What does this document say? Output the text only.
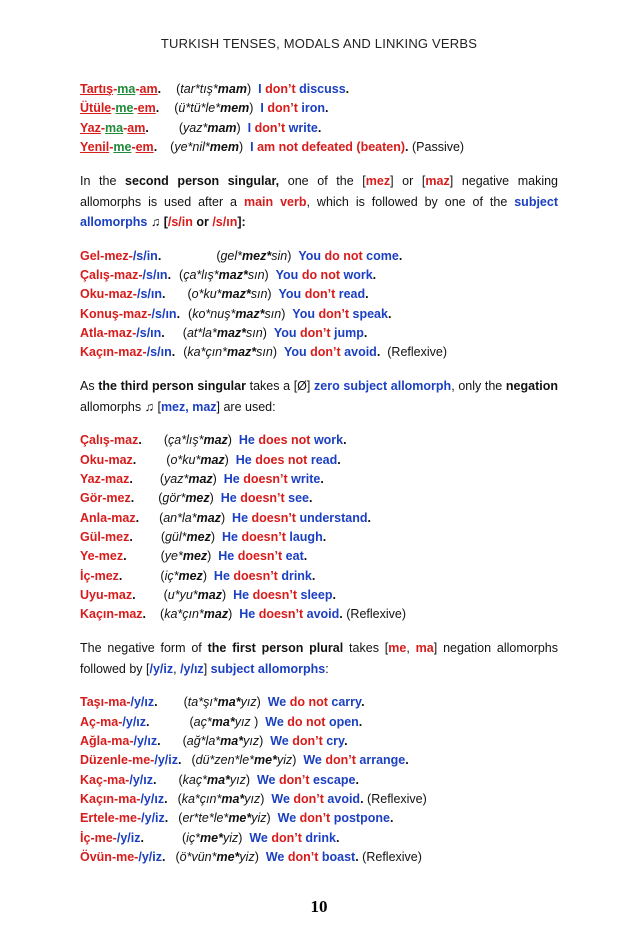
TURKISH TENSES, MODALS AND LINKING VERBS
Tartış-ma-am. (tar*tış*mam) I don’t discuss.
Ütüle-me-em. (ü*tü*le*mem) I don’t iron.
Yaz-ma-am. (yaz*mam) I don’t write.
Yenil-me-em. (ye*nil*mem) I am not defeated (beaten). (Passive)

In the second person singular, one of the [mez] or [maz] negative making allomorphs is used after a main verb, which is followed by one of the subject allomorphs ♫ [/s/in or /s/ın]:

Gel-mez-/s/in.	(gel*mez*sin)  You do not come.
Çalış-maz-/s/ın. (ça*lış*maz*sın)  You do not work.
Oku-maz-/s/ın. (o*ku*maz*sın)  You don’t read.
Konuş-maz-/s/ın. (ko*nuş*maz*sın)  You don’t speak.
Atla-maz-/s/ın. (at*la*maz*sın)  You don’t jump.
Kaçın-maz-/s/ın. (ka*çın*maz*sın)  You don’t avoid. (Reflexive)

As the third person singular takes a [Ø] zero subject allomorph, only the negation allomorphs ♫ [mez, maz] are used:

Çalış-maz. (ça*lış*maz)  He does not work.
Oku-maz. (o*ku*maz)  He does not read.
Yaz-maz. (yaz*maz)  He doesn’t write.
Gör-mez. (gör*mez)  He doesn’t see.
Anla-maz. (an*la*maz)  He doesn’t understand.
Gül-mez. (gül*mez)  He doesn’t laugh.
Ye-mez.	(ye*mez)  He doesn’t eat.
İç-mez.	(iç*mez)  He doesn’t drink.
Uyu-maz. (u*yu*maz)  He doesn’t sleep.
Kaçın-maz. (ka*çın*maz)  He doesn’t avoid. (Reflexive)

The negative form of the first person plural takes [me, ma] negation allomorphs followed by [/y/iz, /y/ız] subject allomorphs:

Taşı-ma-/y/ız. (ta*şı*ma*yız)  We do not carry.
Aç-ma-/y/ız.	(aç*ma*yız )  We do not open.
Ağla-ma-/y/ız. (ağ*la*ma*yız)  We don’t cry.
Düzenle-me-/y/iz. (dü*zen*le*me*yiz)  We don’t arrange.
Kaç-ma-/y/ız. (kaç*ma*yız)  We don’t escape.
Kaçın-ma-/y/ız. (ka*çın*ma*yız)  We don’t avoid. (Reflexive)
Ertele-me-/y/iz. (er*te*le*me*yiz)  We don’t postpone.
İç-me-/y/iz.	(iç*me*yiz)  We don’t drink.
Övün-me-/y/iz. (ö*vün*me*yiz)  We don’t boast. (Reflexive)
10
